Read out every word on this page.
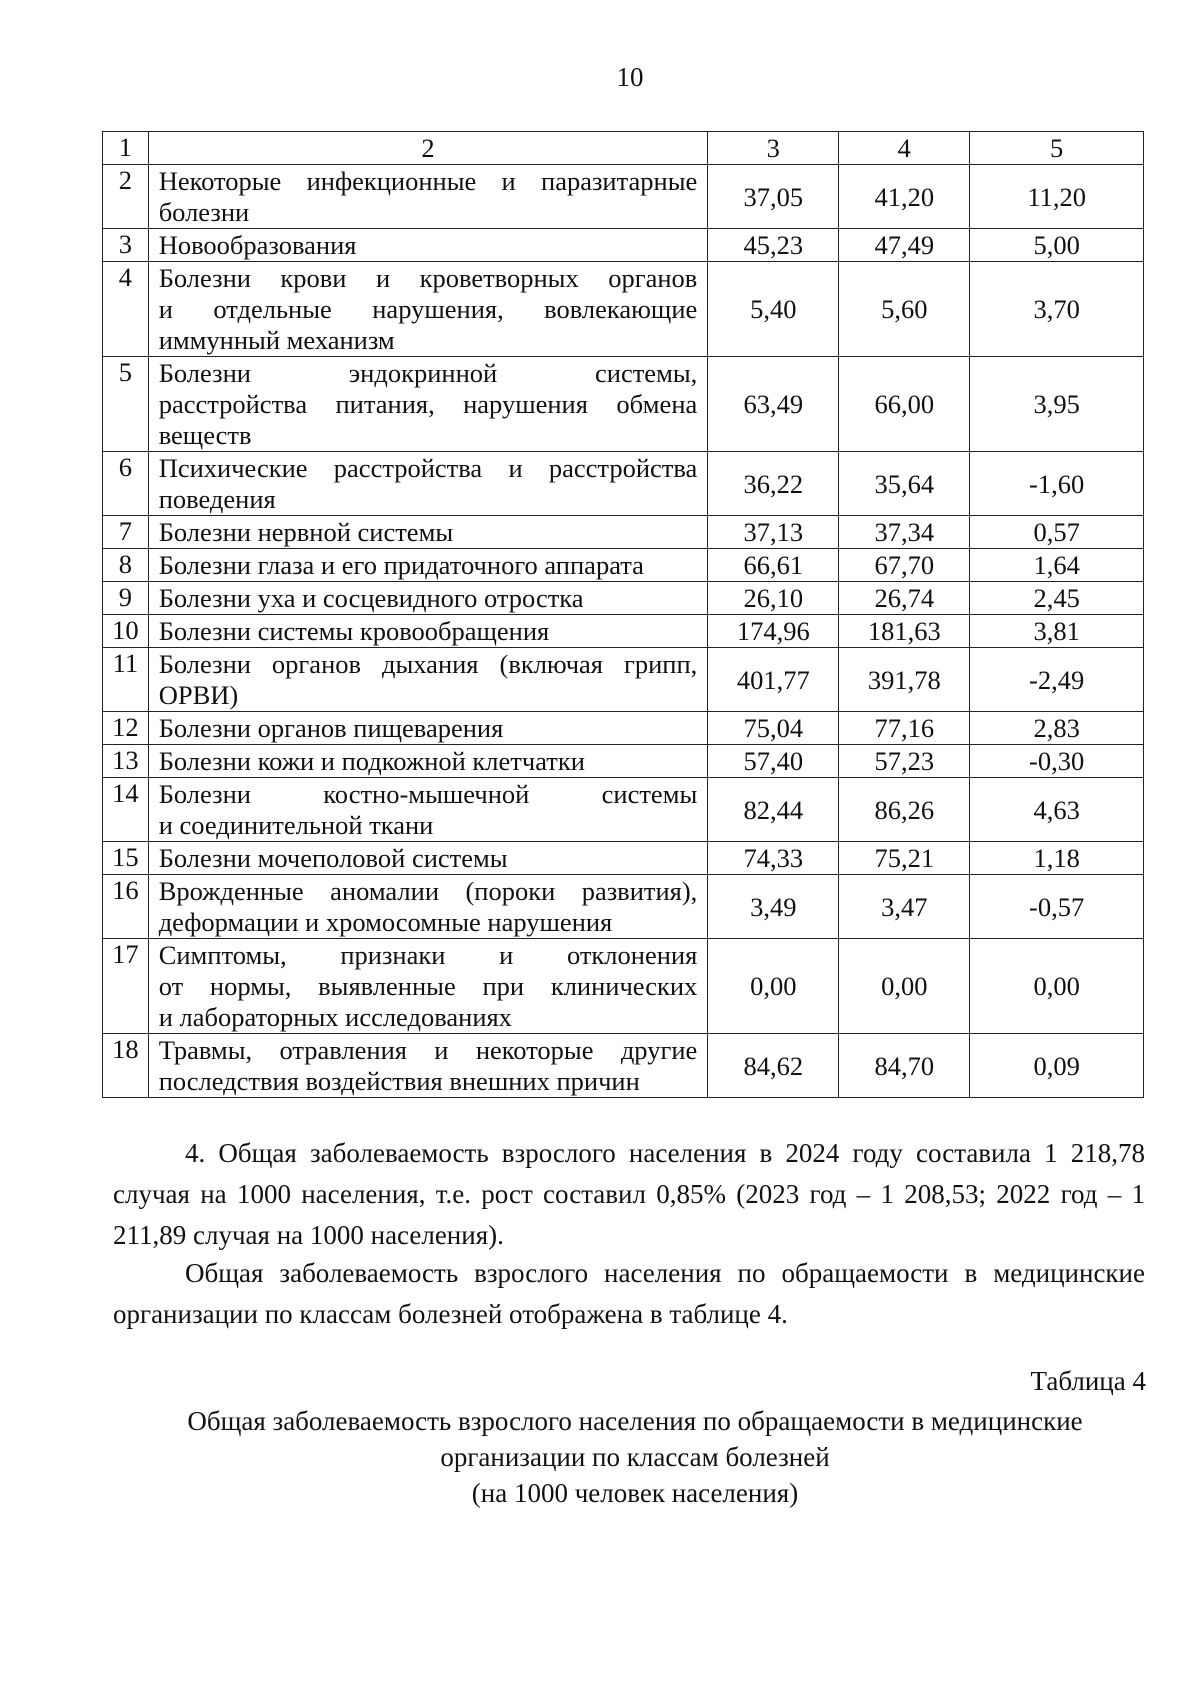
10
1	2	3	4	5
2	Некоторые инфекционные и паразитарные
болезни	37,05	41,20	11,20
3	Новообразования	45,23	47,49	5,00
4	Болезни крови и кроветворных органов
и отдельные нарушения, вовлекающие
иммунный механизм	5,40	5,60	3,70
5	Болезни эндокринной системы,
расстройства питания, нарушения обмена
веществ	63,49	66,00	3,95
6	Психические расстройства и расстройства
поведения	36,22	35,64	-1,60
7	Болезни нервной системы	37,13	37,34	0,57
8	Болезни глаза и его придаточного аппарата	66,61	67,70	1,64
9	Болезни уха и сосцевидного отростка	26,10	26,74	2,45
10	Болезни системы кровообращения	174,96	181,63	3,81
11	Болезни органов дыхания (включая грипп,
ОРВИ)	401,77	391,78	-2,49
12	Болезни органов пищеварения	75,04	77,16	2,83
13	Болезни кожи и подкожной клетчатки	57,40	57,23	-0,30
14	Болезни костно-мышечной системы
и соединительной ткани	82,44	86,26	4,63
15	Болезни мочеполовой системы	74,33	75,21	1,18
16	Врожденные аномалии (пороки развития),
деформации и хромосомные нарушения	3,49	3,47	-0,57
17	Симптомы, признаки и отклонения
от нормы, выявленные при клинических
и лабораторных исследованиях	0,00	0,00	0,00
18	Травмы, отравления и некоторые другие
последствия воздействия внешних причин	84,62	84,70	0,09
4. Общая заболеваемость взрослого населения в 2024 году составила 1 218,78 случая на 1000 населения, т.е. рост составил 0,85% (2023 год – 1 208,53; 2022 год – 1 211,89 случая на 1000 населения).
Общая заболеваемость взрослого населения по обращаемости в медицинские организации по классам болезней отображена в таблице 4.
Таблица 4
Общая заболеваемость взрослого населения по обращаемости в медицинские
организации по классам болезней
(на 1000 человек населения)
